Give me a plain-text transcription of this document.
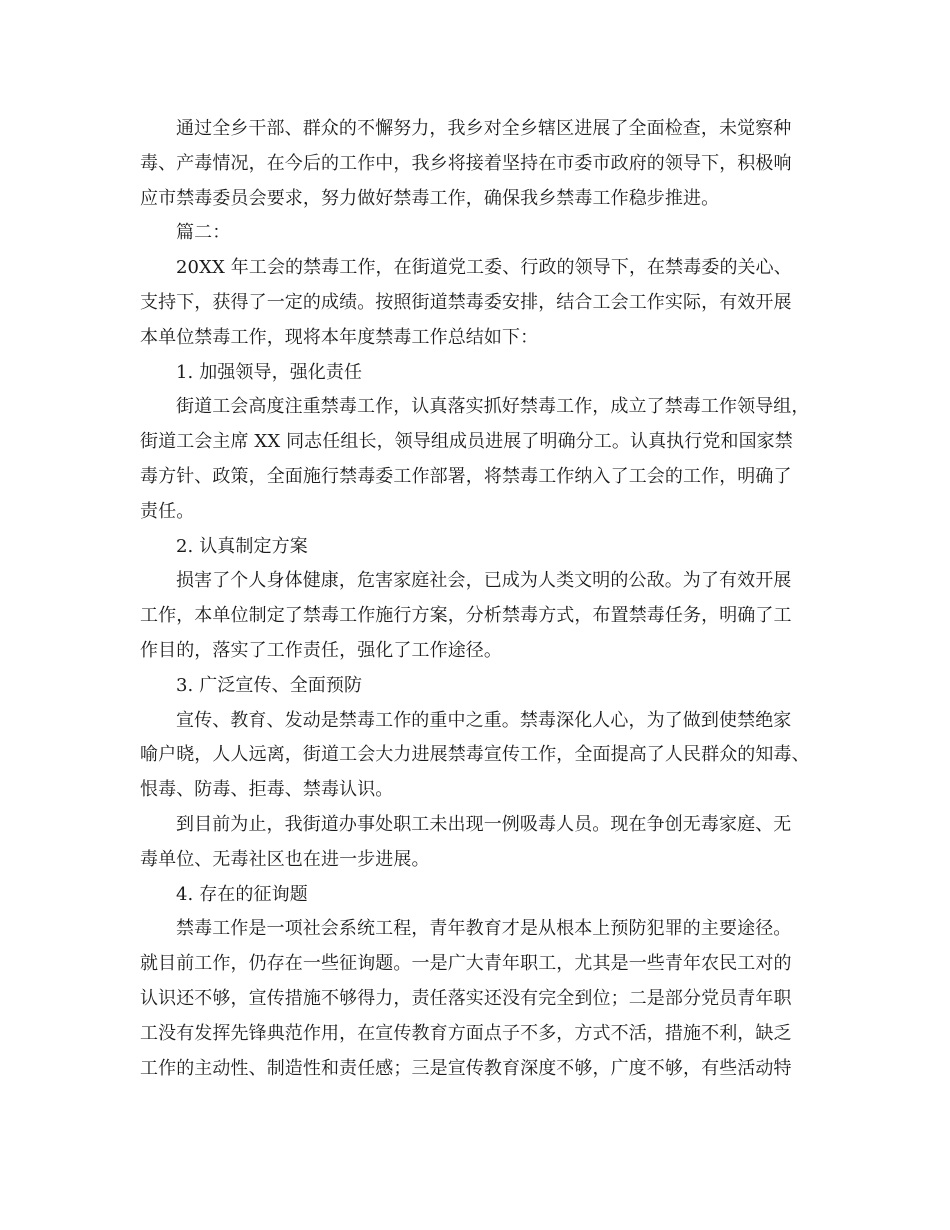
通过全乡干部、群众的不懈努力，我乡对全乡辖区进展了全面检查，未觉察种
毒、产毒情况，在今后的工作中，我乡将接着坚持在市委市政府的领导下，积极响
应市禁毒委员会要求，努力做好禁毒工作，确保我乡禁毒工作稳步推进。
篇二：
20XX 年工会的禁毒工作，在街道党工委、行政的领导下，在禁毒委的关心、
支持下，获得了一定的成绩。按照街道禁毒委安排，结合工会工作实际，有效开展
本单位禁毒工作，现将本年度禁毒工作总结如下：
1. 加强领导，强化责任
街道工会高度注重禁毒工作，认真落实抓好禁毒工作，成立了禁毒工作领导组，
街道工会主席 XX 同志任组长，领导组成员进展了明确分工。认真执行党和国家禁
毒方针、政策，全面施行禁毒委工作部署，将禁毒工作纳入了工会的工作，明确了
责任。
2. 认真制定方案
损害了个人身体健康，危害家庭社会，已成为人类文明的公敌。为了有效开展
工作，本单位制定了禁毒工作施行方案，分析禁毒方式，布置禁毒任务，明确了工
作目的，落实了工作责任，强化了工作途径。
3. 广泛宣传、全面预防
宣传、教育、发动是禁毒工作的重中之重。禁毒深化人心，为了做到使禁绝家
喻户晓，人人远离，街道工会大力进展禁毒宣传工作，全面提高了人民群众的知毒、
恨毒、防毒、拒毒、禁毒认识。
到目前为止，我街道办事处职工未出现一例吸毒人员。现在争创无毒家庭、无
毒单位、无毒社区也在进一步进展。
4. 存在的征询题
禁毒工作是一项社会系统工程，青年教育才是从根本上预防犯罪的主要途径。
就目前工作，仍存在一些征询题。一是广大青年职工，尤其是一些青年农民工对的
认识还不够，宣传措施不够得力，责任落实还没有完全到位；二是部分党员青年职
工没有发挥先锋典范作用，在宣传教育方面点子不多，方式不活，措施不利，缺乏
工作的主动性、制造性和责任感；三是宣传教育深度不够，广度不够，有些活动特
